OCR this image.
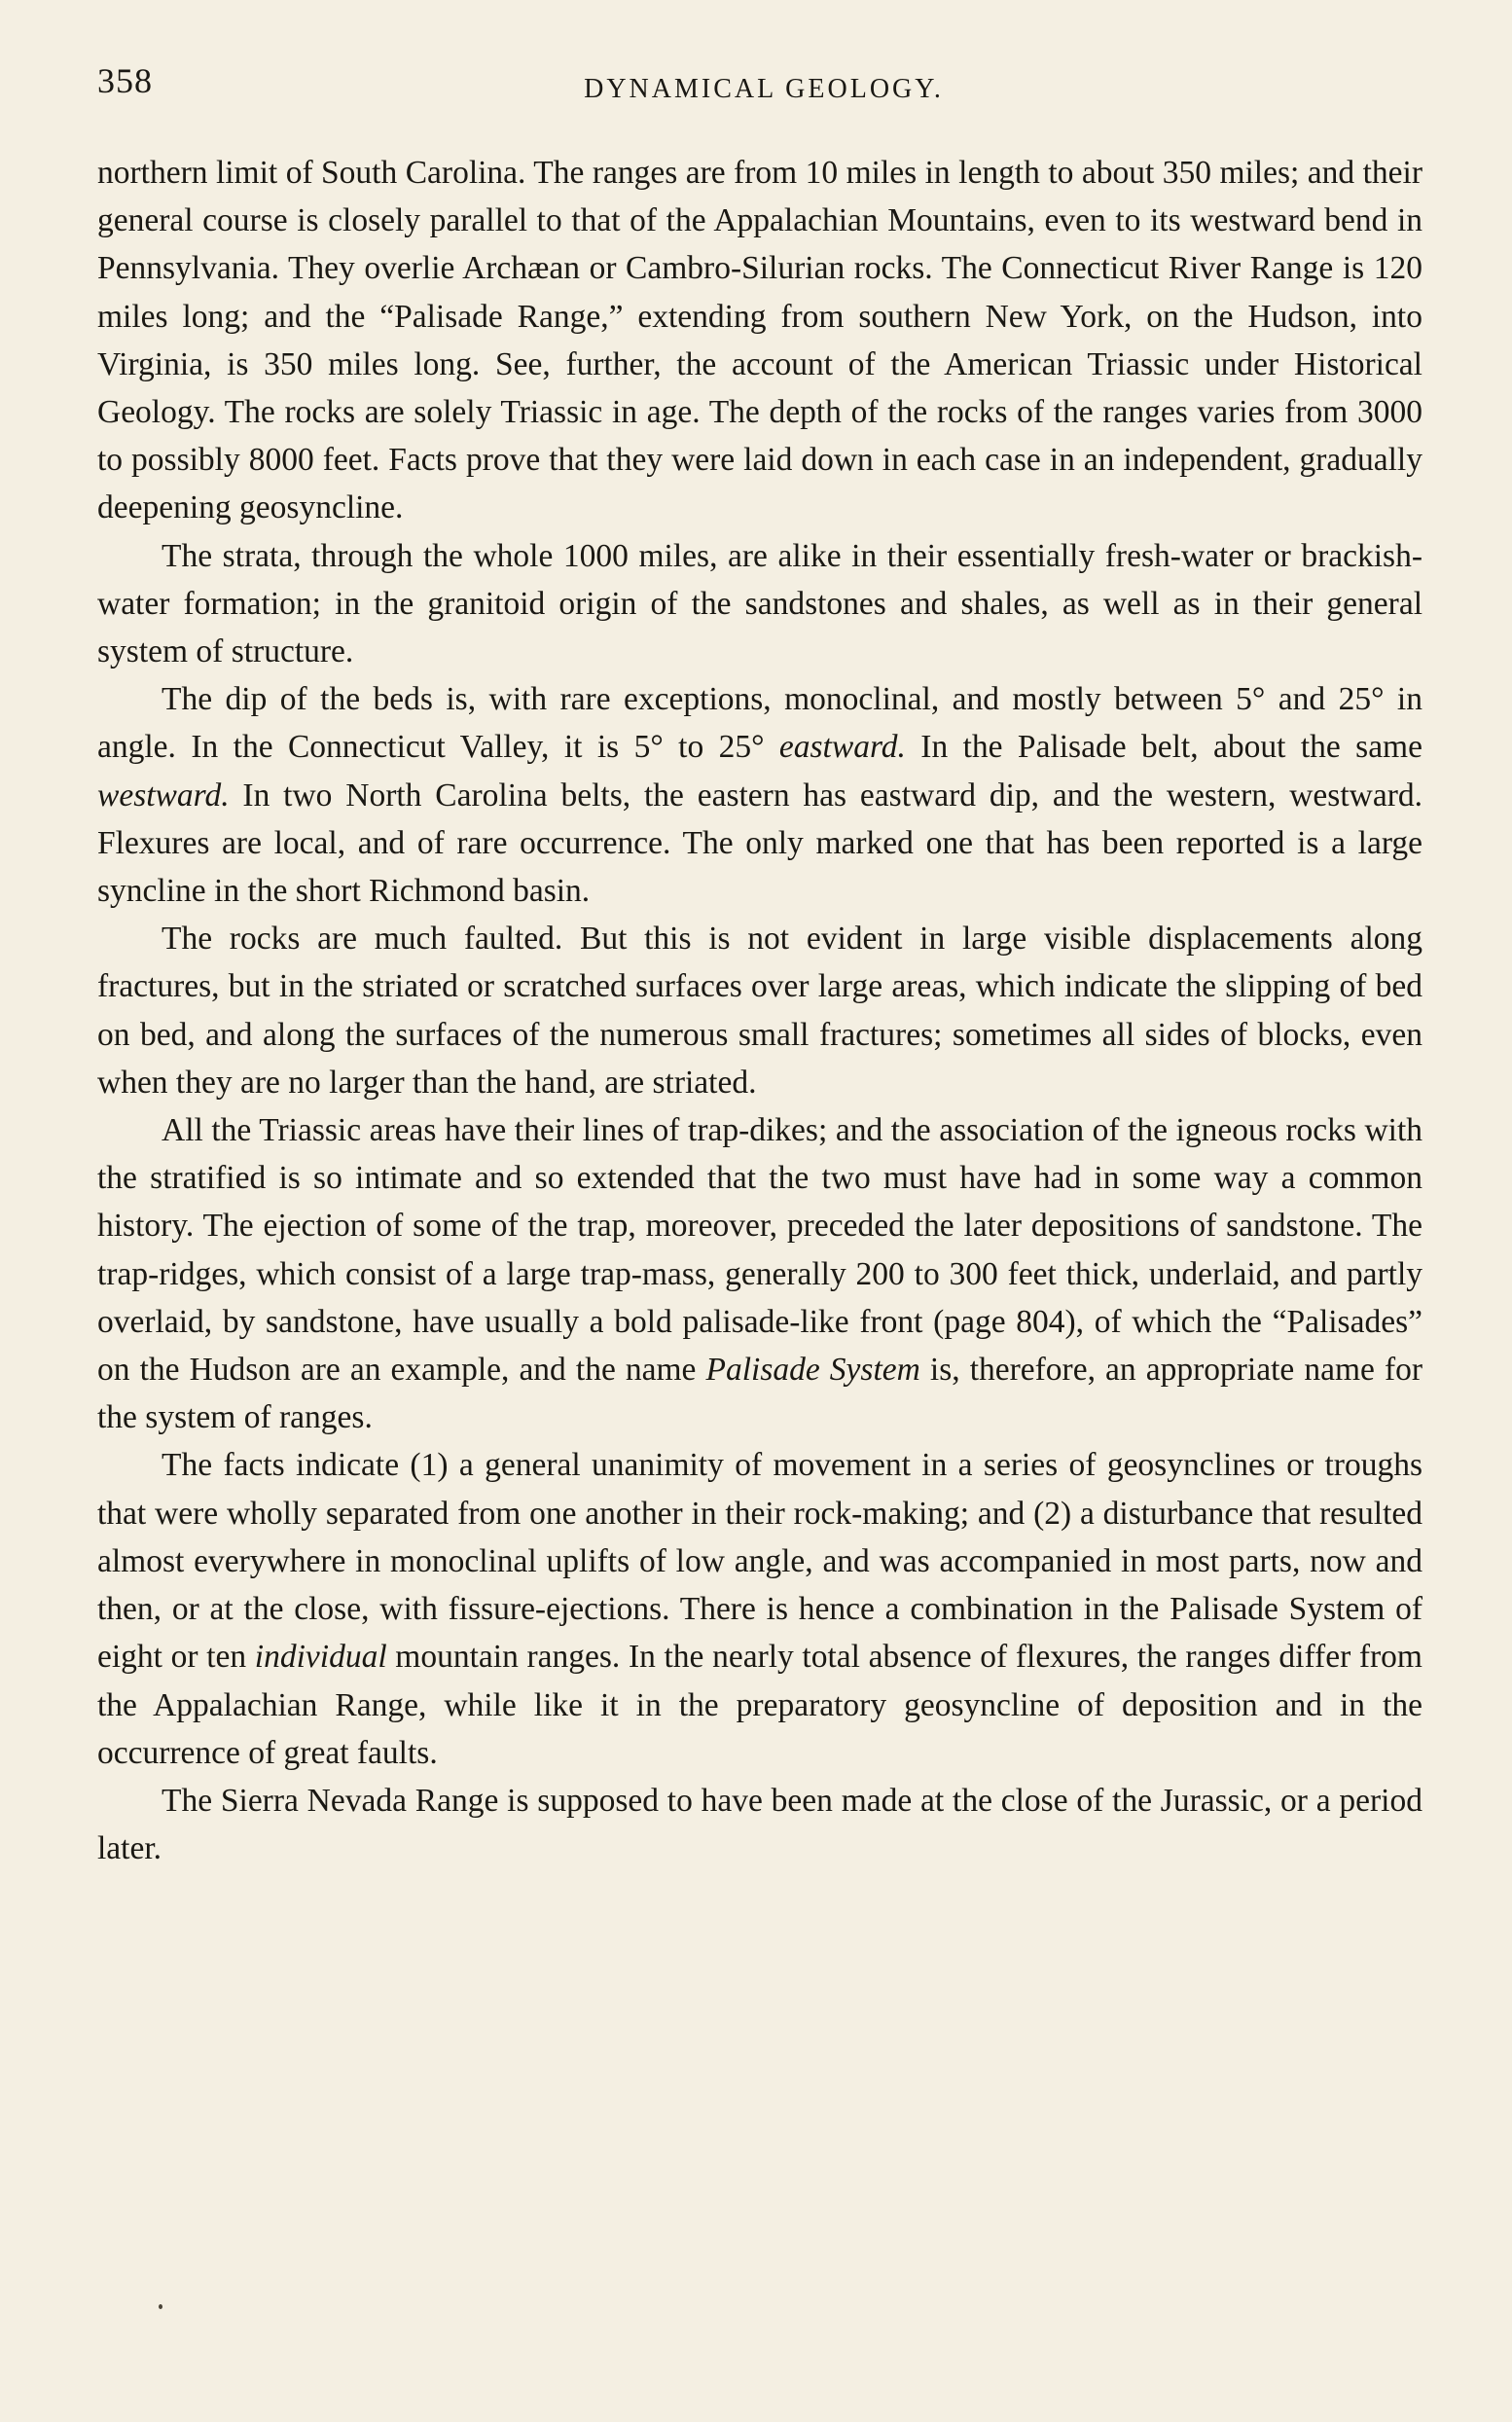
358	DYNAMICAL GEOLOGY.

northern limit of South Carolina. The ranges are from 10 miles in length to about 350 miles; and their general course is closely parallel to that of the Appalachian Mountains, even to its westward bend in Pennsylvania. They overlie Archæan or Cambro-Silurian rocks. The Connecticut River Range is 120 miles long; and the “Palisade Range,” extending from southern New York, on the Hudson, into Virginia, is 350 miles long. See, further, the account of the American Triassic under Historical Geology. The rocks are solely Triassic in age. The depth of the rocks of the ranges varies from 3000 to possibly 8000 feet. Facts prove that they were laid down in each case in an independent, gradually deepening geosyncline.

The strata, through the whole 1000 miles, are alike in their essentially fresh-water or brackish-water formation; in the granitoid origin of the sandstones and shales, as well as in their general system of structure.

The dip of the beds is, with rare exceptions, monoclinal, and mostly between 5° and 25° in angle. In the Connecticut Valley, it is 5° to 25° eastward. In the Palisade belt, about the same westward. In two North Carolina belts, the eastern has eastward dip, and the western, westward. Flexures are local, and of rare occurrence. The only marked one that has been reported is a large syncline in the short Richmond basin.

The rocks are much faulted. But this is not evident in large visible displacements along fractures, but in the striated or scratched surfaces over large areas, which indicate the slipping of bed on bed, and along the surfaces of the numerous small fractures; sometimes all sides of blocks, even when they are no larger than the hand, are striated.

All the Triassic areas have their lines of trap-dikes; and the association of the igneous rocks with the stratified is so intimate and so extended that the two must have had in some way a common history. The ejection of some of the trap, moreover, preceded the later depositions of sandstone. The trap-ridges, which consist of a large trap-mass, generally 200 to 300 feet thick, underlaid, and partly overlaid, by sandstone, have usually a bold palisade-like front (page 804), of which the “Palisades” on the Hudson are an example, and the name Palisade System is, therefore, an appropriate name for the system of ranges.

The facts indicate (1) a general unanimity of movement in a series of geosynclines or troughs that were wholly separated from one another in their rock-making; and (2) a disturbance that resulted almost everywhere in monoclinal uplifts of low angle, and was accompanied in most parts, now and then, or at the close, with fissure-ejections. There is hence a combination in the Palisade System of eight or ten individual mountain ranges. In the nearly total absence of flexures, the ranges differ from the Appalachian Range, while like it in the preparatory geosyncline of deposition and in the occurrence of great faults.

The Sierra Nevada Range is supposed to have been made at the close of the Jurassic, or a period later.
